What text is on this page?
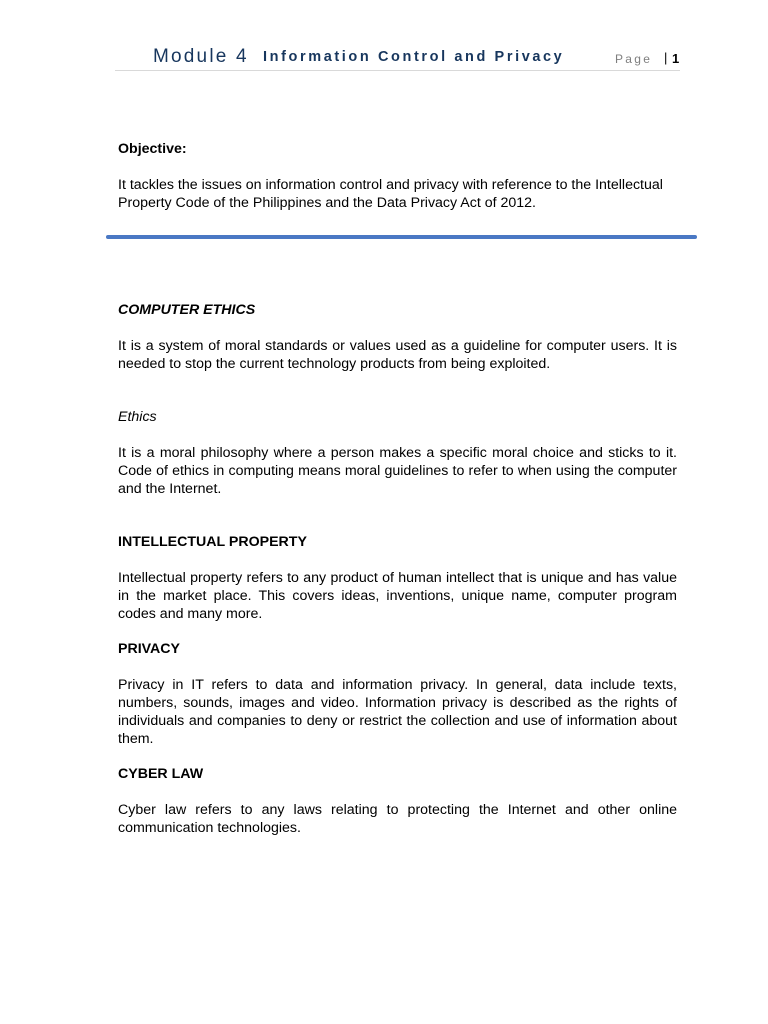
Module 4 Information Control and Privacy	Page | 1
Objective:
It tackles the issues on information control and privacy with reference to the Intellectual Property Code of the Philippines and the Data Privacy Act of 2012.
COMPUTER ETHICS
It is a system of moral standards or values used as a guideline for computer users. It is needed to stop the current technology products from being exploited.
Ethics
It is a moral philosophy where a person makes a specific moral choice and sticks to it. Code of ethics in computing means moral guidelines to refer to when using the computer and the Internet.
INTELLECTUAL PROPERTY
Intellectual property refers to any product of human intellect that is unique and has value in the market place. This covers ideas, inventions, unique name, computer program codes and many more.
PRIVACY
Privacy in IT refers to data and information privacy. In general, data include texts, numbers, sounds, images and video. Information privacy is described as the rights of individuals and companies to deny or restrict the collection and use of information about them.
CYBER LAW
Cyber law refers to any laws relating to protecting the Internet and other online communication technologies.
